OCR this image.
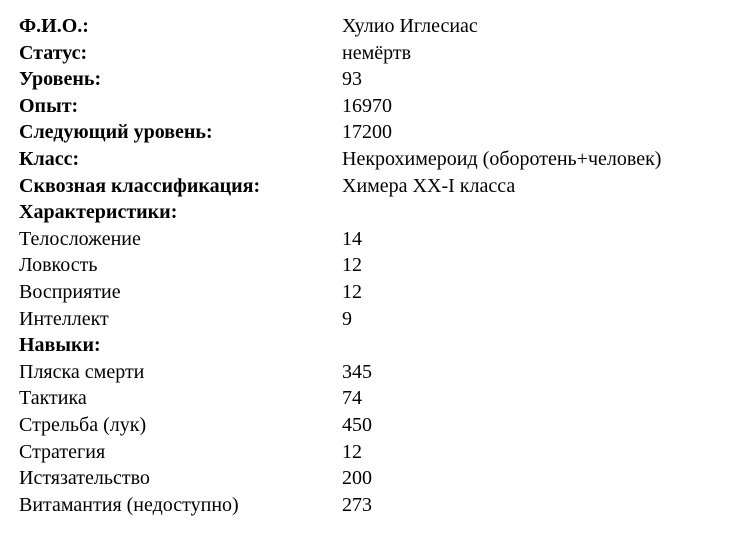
Ф.И.О.:	Хулио Иглесиас
Статус:	немёртв
Уровень:	93
Опыт:	16970
Следующий уровень:	17200
Класс:	Некрохимероид (оборотень+человек)
Сквозная классификация:	Химера XX-I класса
Характеристики:
Телосложение	14
Ловкость	12
Восприятие	12
Интеллект	9
Навыки:
Пляска смерти	345
Тактика	74
Стрельба (лук)	450
Стратегия	12
Истязательство	200
Витамантия (недоступно)	273
